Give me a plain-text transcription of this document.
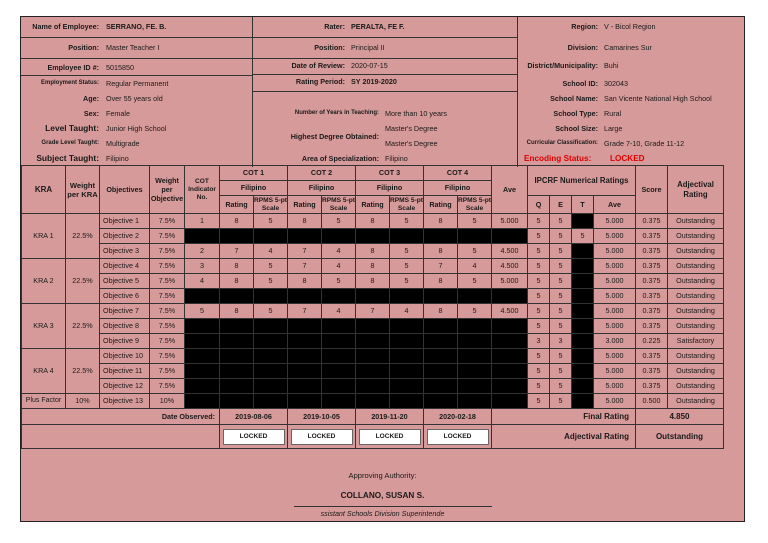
Name of Employee: SERRANO, FE. B.
Position: Master Teacher I
Employee ID #: 5015850
Employment Status: Regular Permanent
Age: Over 55 years old
Sex: Female
Level Taught: Junior High School
Grade Level Taught: Multigrade
Subject Taught: Filipino
Rater: PERALTA, FE F.
Position: Principal II
Date of Review: 2020-07-15
Rating Period: SY 2019-2020
Number of Years in Teaching: More than 10 years
Master's Degree
Highest Degree Obtained:
Master's Degree
Area of Specialization: Filipino
Region: V - Bicol Region
Division: Camarines Sur
District/Municipality: Buhi
School ID: 302043
School Name: San Vicente National High School
School Type: Rural
School Size: Large
Curricular Classification: Grade 7-10, Grade 11-12
Encoding Status:	LOCKED
KRA	Weight per KRA	Objectives	Weight per Objective	COT Indicator No.	COT 1		COT 2		COT 3		COT 4		Ave	IPCRF Numerical Ratings				Score	Adjectival Rating
					Filipino		Filipino		Filipino		Filipino								
					Rating	RPMS 5-pt Scale	Rating	RPMS 5-pt Scale	Rating	RPMS 5-pt Scale	Rating	RPMS 5-pt Scale		Q	E	T	Ave		
KRA 1	22.5%	Objective 1	7.5%	1	8	5	8	5	8	5	8	5	5.000	5	5		5.000	0.375	Outstanding
		Objective 2	7.5%											5	5	5	5.000	0.375	Outstanding
		Objective 3	7.5%	2	7	4	7	4	8	5	8	5	4.500	5	5		5.000	0.375	Outstanding
KRA 2	22.5%	Objective 4	7.5%	3	8	5	7	4	8	5	7	4	4.500	5	5		5.000	0.375	Outstanding
		Objective 5	7.5%	4	8	5	8	5	8	5	8	5	5.000	5	5		5.000	0.375	Outstanding
		Objective 6	7.5%											5	5		5.000	0.375	Outstanding
KRA 3	22.5%	Objective 7	7.5%	5	8	5	7	4	7	4	8	5	4.500	5	5		5.000	0.375	Outstanding
		Objective 8	7.5%											5	5		5.000	0.375	Outstanding
		Objective 9	7.5%											3	3		3.000	0.225	Satisfactory
KRA 4	22.5%	Objective 10	7.5%											5	5		5.000	0.375	Outstanding
		Objective 11	7.5%											5	5		5.000	0.375	Outstanding
		Objective 12	7.5%											5	5		5.000	0.375	Outstanding
Plus Factor	10%	Objective 13	10%											5	5		5.000	0.500	Outstanding
Date Observed:					2019-08-06		2019-10-05		2019-11-20		2020-02-18		Final Rating					4.850	
					LOCKED		LOCKED		LOCKED		LOCKED		Adjectival Rating					Outstanding	
Approving Authority:
COLLANO, SUSAN S.
ssistant Schools Division Superintende
